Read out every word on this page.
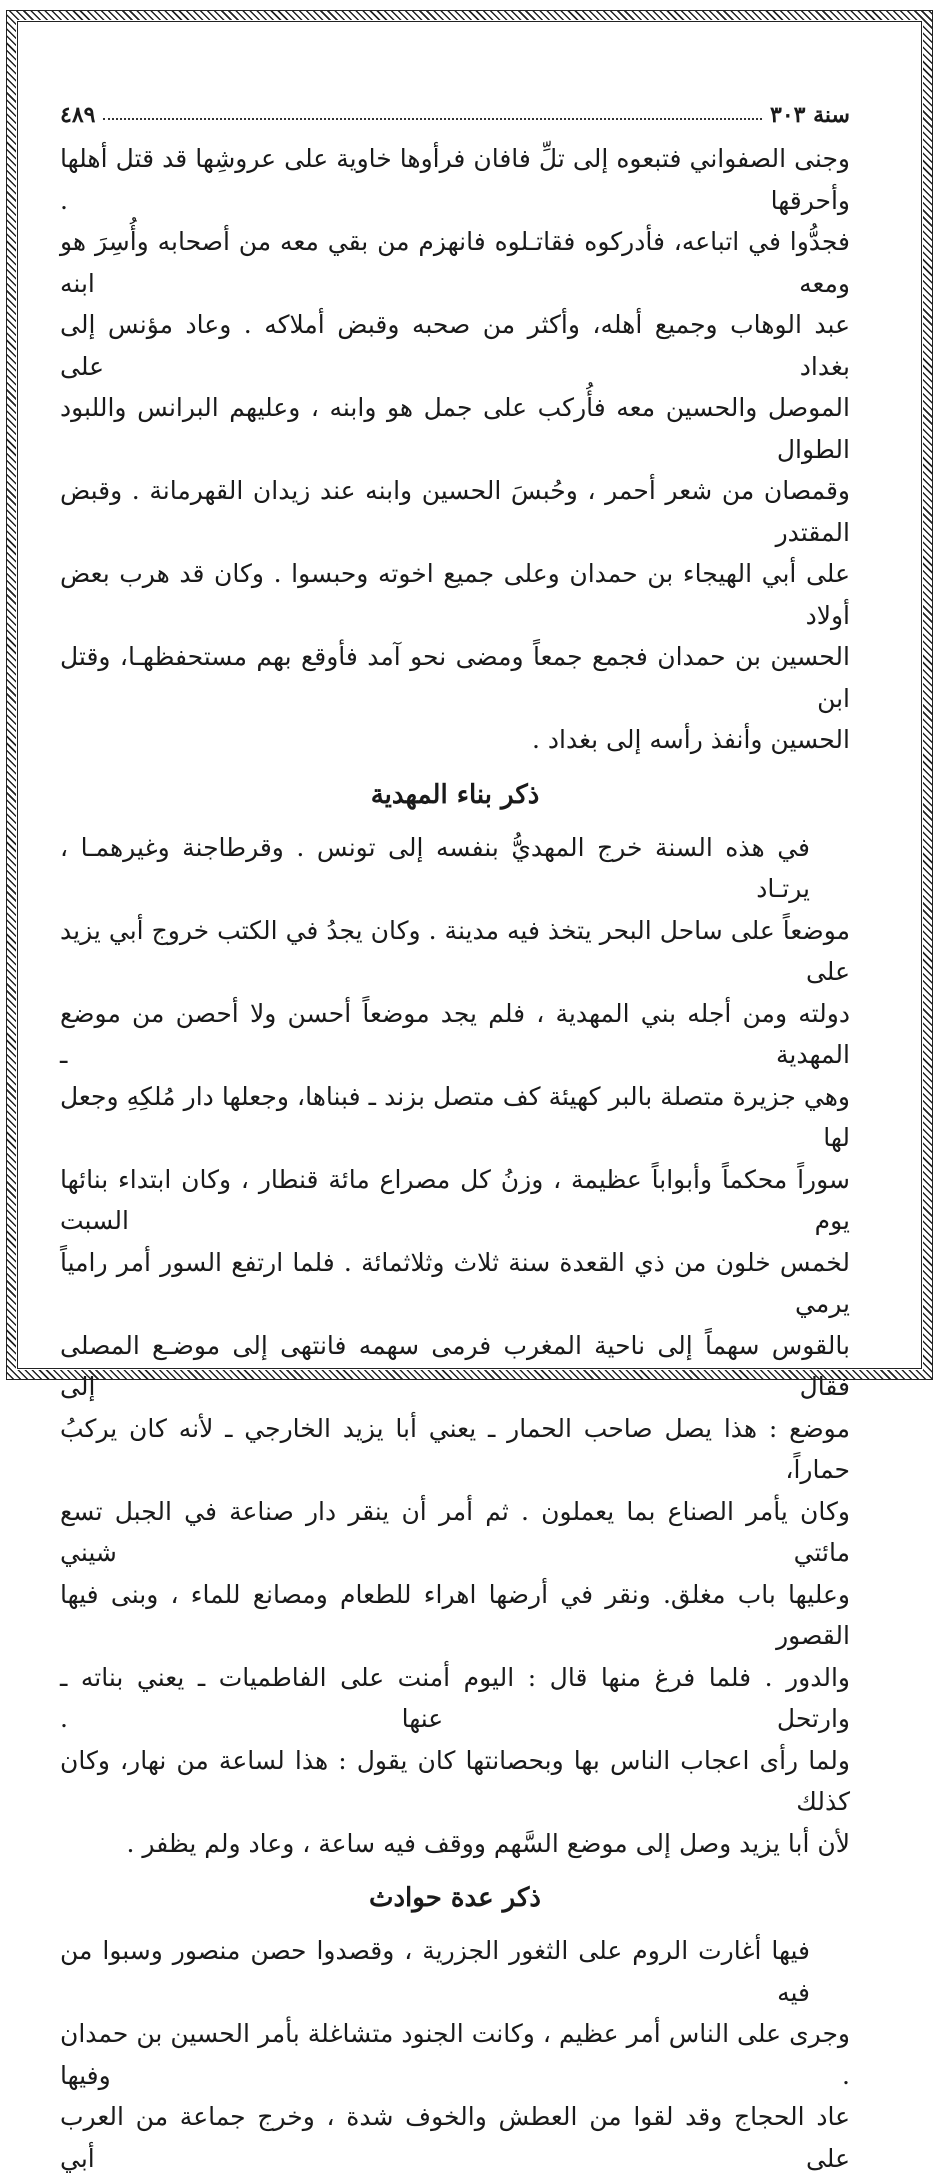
سنة ٣٠٣
٤٨٩

وجنى الصفواني فتبعوه إلى تلِّ فافان فرأوها خاوية على عروشِها قد قتل أهلها وأحرقها .
فجدُّوا في اتباعه، فأدركوه فقاتـلوه فانهزم من بقي معه من أصحابه وأُسِرَ هو ومعه ابنه
عبد الوهاب وجميع أهله، وأكثر من صحبه وقبض أملاكه . وعاد مؤنس إلى بغداد على
الموصل والحسين معه فأُركب على جمل هو وابنه ، وعليهم البرانس واللبود الطوال
وقمصان من شعر أحمر ، وحُبسَ الحسين وابنه عند زيدان القهرمانة . وقبض المقتدر
على أبي الهيجاء بن حمدان وعلى جميع اخوته وحبسوا . وكان قد هرب بعض أولاد
الحسين بن حمدان فجمع جمعاً ومضى نحو آمد فأوقع بهم مستحفظهـا، وقتل ابن
الحسين وأنفذ رأسه إلى بغداد .

ذكر بناء المهدية

في هذه السنة خرج المهديُّ بنفسه إلى تونس . وقرطاجنة وغيرهمـا ، يرتـاد
موضعاً على ساحل البحر يتخذ فيه مدينة . وكان يجدُ في الكتب خروج أبي يزيد على
دولته ومن أجله بني المهدية ، فلم يجد موضعاً أحسن ولا أحصن من موضع المهدية ـ
وهي جزيرة متصلة بالبر كهيئة كف متصل بزند ـ فبناها، وجعلها دار مُلكِهِ وجعل لها
سوراً محكماً وأبواباً عظيمة ، وزنُ كل مصراع مائة قنطار ، وكان ابتداء بنائها يوم السبت
لخمس خلون من ذي القعدة سنة ثلاث وثلاثمائة . فلما ارتفع السور أمر رامياً يرمي
بالقوس سهماً إلى ناحية المغرب فرمى سهمه فانتهى إلى موضـع المصلى فقال إلى
موضع : هذا يصل صاحب الحمار ـ يعني أبا يزيد الخارجي ـ لأنه كان يركبُ حماراً،
وكان يأمر الصناع بما يعملون . ثم أمر أن ينقر دار صناعة في الجبل تسع مائتي شيني
وعليها باب مغلق. ونقر في أرضها اهراء للطعام ومصانع للماء ، وبنى فيها القصور
والدور . فلما فرغ منها قال : اليوم أمنت على الفاطميات ـ يعني بناته ـ وارتحل عنها .
ولما رأى اعجاب الناس بها وبحصانتها كان يقول : هذا لساعة من نهار، وكان كذلك
لأن أبا يزيد وصل إلى موضع السَّهم ووقف فيه ساعة ، وعاد ولم يظفر .

ذكر عدة حوادث

فيها أغارت الروم على الثغور الجزرية ، وقصدوا حصن منصور وسبوا من فيه
وجرى على الناس أمر عظيم ، وكانت الجنود متشاغلة بأمر الحسين بن حمدان . وفيها
عاد الحجاج وقد لقوا من العطش والخوف شدة ، وخرج جماعة من العرب على أبي
